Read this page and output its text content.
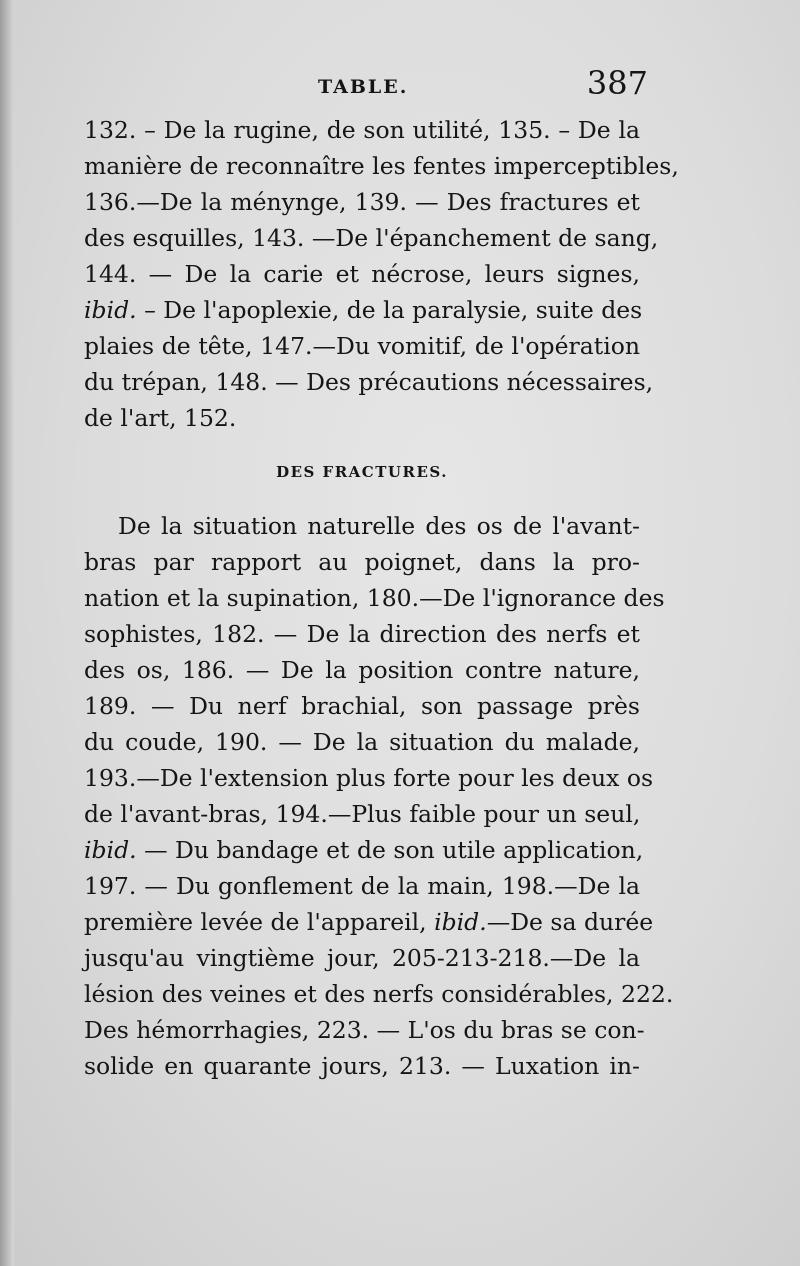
TABLE.	387
132. – De la rugine, de son utilité, 135. – De la
manière de reconnaître les fentes imperceptibles,
136.—De la ménynge, 139. — Des fractures et
des esquilles, 143. —De l'épanchement de sang,
144. — De la carie et nécrose, leurs signes,
ibid. – De l'apoplexie, de la paralysie, suite des
plaies de tête, 147.—Du vomitif, de l'opération
du trépan, 148. — Des précautions nécessaires,
de l'art, 152.
DES FRACTURES.
De la situation naturelle des os de l'avant-
bras par rapport au poignet, dans la pro-
nation et la supination, 180.—De l'ignorance des
sophistes, 182. — De la direction des nerfs et
des os, 186. — De la position contre nature,
189. — Du nerf brachial, son passage près
du coude, 190. — De la situation du malade,
193.—De l'extension plus forte pour les deux os
de l'avant-bras, 194.—Plus faible pour un seul,
ibid. — Du bandage et de son utile application,
197. — Du gonflement de la main, 198.—De la
première levée de l'appareil, ibid.—De sa durée
jusqu'au vingtième jour, 205-213-218.—De la
lésion des veines et des nerfs considérables, 222.
Des hémorrhagies, 223. — L'os du bras se con-
solide en quarante jours, 213. — Luxation in-
